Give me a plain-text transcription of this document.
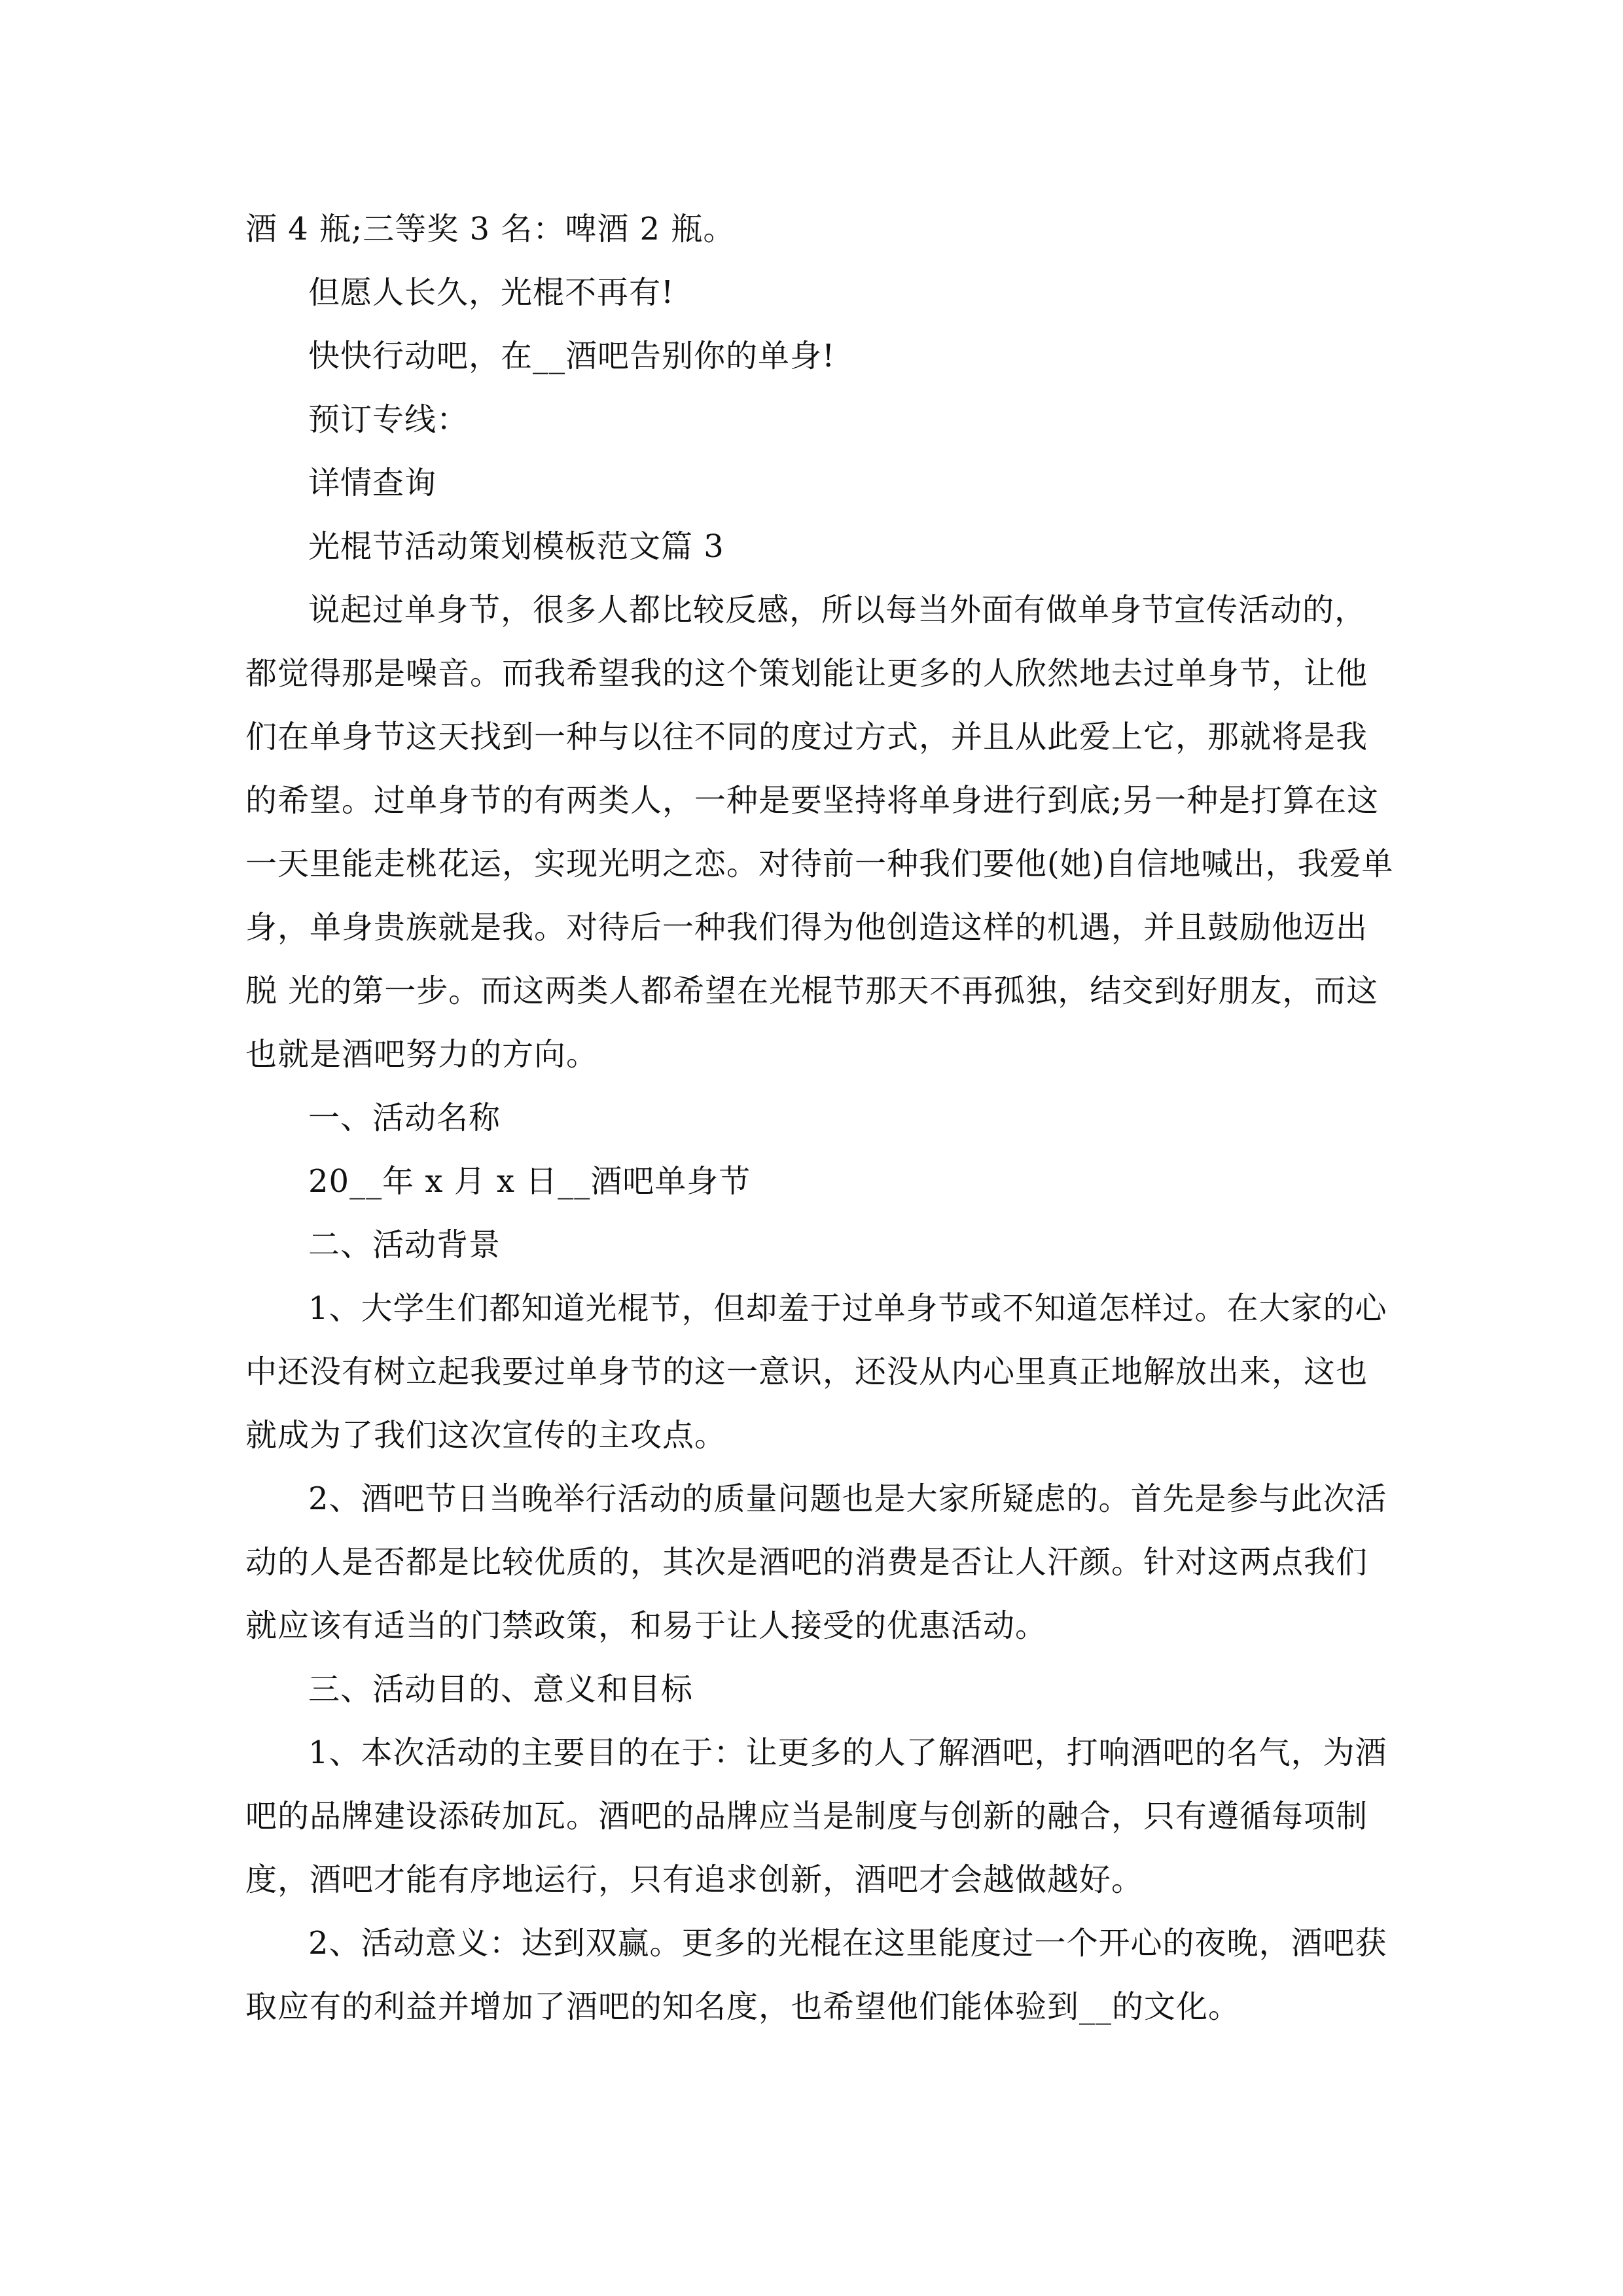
酒 4 瓶;三等奖 3 名：啤酒 2 瓶。

但愿人长久，光棍不再有!

快快行动吧，在__酒吧告别你的单身!

预订专线：

详情查询

光棍节活动策划模板范文篇 3

说起过单身节，很多人都比较反感，所以每当外面有做单身节宣传活动的，都觉得那是噪音。而我希望我的这个策划能让更多的人欣然地去过单身节，让他们在单身节这天找到一种与以往不同的度过方式，并且从此爱上它，那就将是我的希望。过单身节的有两类人，一种是要坚持将单身进行到底;另一种是打算在这一天里能走桃花运，实现光明之恋。对待前一种我们要他(她)自信地喊出，我爱单身，单身贵族就是我。对待后一种我们得为他创造这样的机遇，并且鼓励他迈出脱 光的第一步。而这两类人都希望在光棍节那天不再孤独，结交到好朋友，而这也就是酒吧努力的方向。

一、活动名称

20__年 x 月 x 日__酒吧单身节

二、活动背景

1、大学生们都知道光棍节，但却羞于过单身节或不知道怎样过。在大家的心中还没有树立起我要过单身节的这一意识，还没从内心里真正地解放出来，这也就成为了我们这次宣传的主攻点。

2、酒吧节日当晚举行活动的质量问题也是大家所疑虑的。首先是参与此次活动的人是否都是比较优质的，其次是酒吧的消费是否让人汗颜。针对这两点我们就应该有适当的门禁政策，和易于让人接受的优惠活动。

三、活动目的、意义和目标

1、本次活动的主要目的在于：让更多的人了解酒吧，打响酒吧的名气，为酒吧的品牌建设添砖加瓦。酒吧的品牌应当是制度与创新的融合，只有遵循每项制度，酒吧才能有序地运行，只有追求创新，酒吧才会越做越好。

2、活动意义：达到双赢。更多的光棍在这里能度过一个开心的夜晚，酒吧获取应有的利益并增加了酒吧的知名度，也希望他们能体验到__的文化。
